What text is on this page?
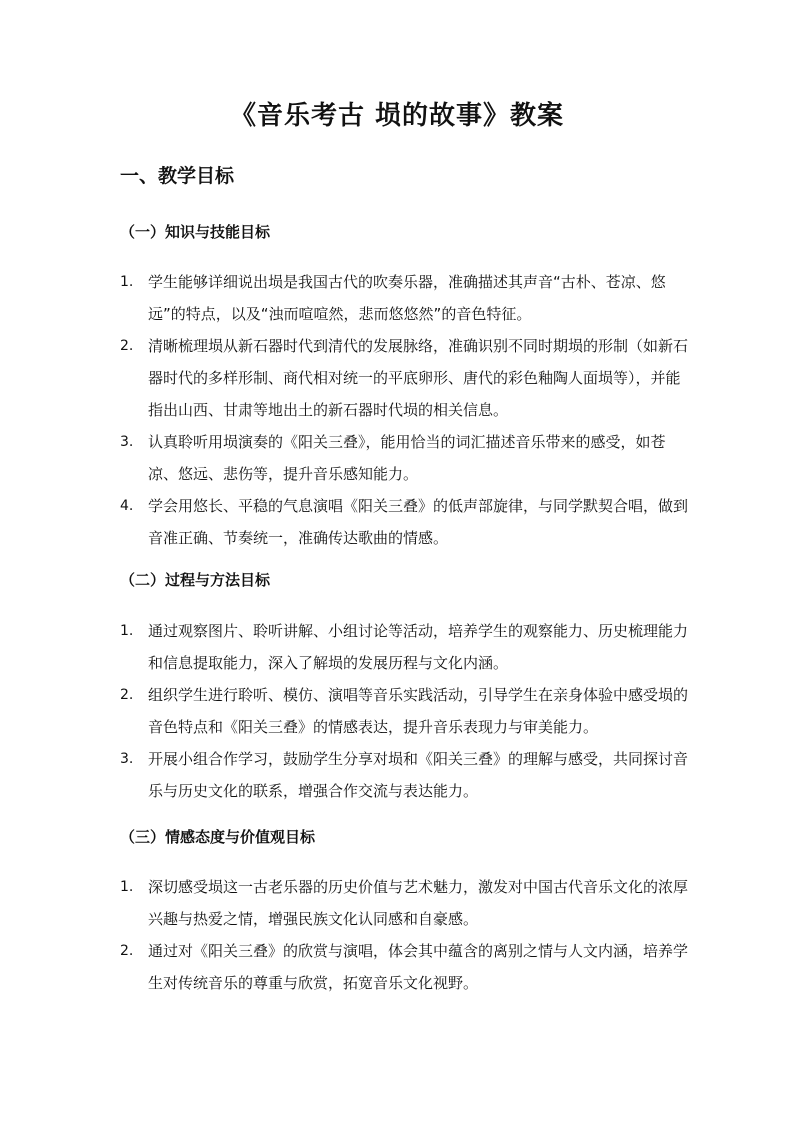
《音乐考古 埙的故事》教案
一、教学目标
（一）知识与技能目标
1. 学生能够详细说出埙是我国古代的吹奏乐器，准确描述其声音“古朴、苍凉、悠远”的特点，以及“浊而喧喧然，悲而悠悠然”的音色特征。
2. 清晰梳理埙从新石器时代到清代的发展脉络，准确识别不同时期埙的形制（如新石器时代的多样形制、商代相对统一的平底卵形、唐代的彩色釉陶人面埙等），并能指出山西、甘肃等地出土的新石器时代埙的相关信息。
3. 认真聆听用埙演奏的《阳关三叠》，能用恰当的词汇描述音乐带来的感受，如苍凉、悠远、悲伤等，提升音乐感知能力。
4. 学会用悠长、平稳的气息演唱《阳关三叠》的低声部旋律，与同学默契合唱，做到音准正确、节奏统一，准确传达歌曲的情感。
（二）过程与方法目标
1. 通过观察图片、聆听讲解、小组讨论等活动，培养学生的观察能力、历史梳理能力和信息提取能力，深入了解埙的发展历程与文化内涵。
2. 组织学生进行聆听、模仿、演唱等音乐实践活动，引导学生在亲身体验中感受埙的音色特点和《阳关三叠》的情感表达，提升音乐表现力与审美能力。
3. 开展小组合作学习，鼓励学生分享对埙和《阳关三叠》的理解与感受，共同探讨音乐与历史文化的联系，增强合作交流与表达能力。
（三）情感态度与价值观目标
1. 深切感受埙这一古老乐器的历史价值与艺术魅力，激发对中国古代音乐文化的浓厚兴趣与热爱之情，增强民族文化认同感和自豪感。
2. 通过对《阳关三叠》的欣赏与演唱，体会其中蕴含的离别之情与人文内涵，培养学生对传统音乐的尊重与欣赏，拓宽音乐文化视野。
